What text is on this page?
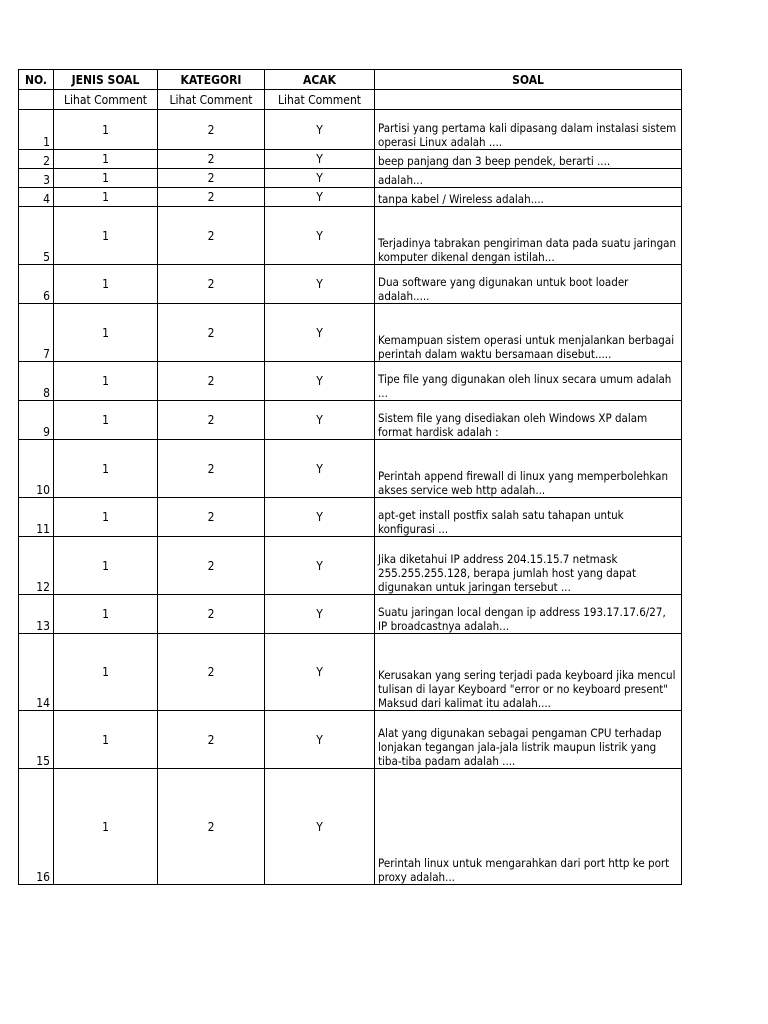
NO.	JENIS SOAL	KATEGORI	ACAK	SOAL
	Lihat Comment	Lihat Comment	Lihat Comment	
1	1	2	Y	Partisi yang pertama kali dipasang dalam instalasi sistem operasi Linux adalah ....
2	1	2	Y	beep panjang dan 3 beep pendek, berarti ....
3	1	2	Y	adalah...
4	1	2	Y	tanpa kabel / Wireless adalah....
5	1	2	Y	Terjadinya tabrakan pengiriman data pada suatu jaringan komputer dikenal dengan istilah...
6	1	2	Y	Dua software yang digunakan untuk boot loader adalah.....
7	1	2	Y	Kemampuan sistem operasi untuk menjalankan berbagai perintah dalam waktu bersamaan disebut.....
8	1	2	Y	Tipe file yang digunakan oleh linux secara umum adalah ...
9	1	2	Y	Sistem file yang disediakan oleh Windows XP dalam format hardisk adalah :
10	1	2	Y	Perintah append firewall di linux yang memperbolehkan akses service web http adalah...
11	1	2	Y	apt-get install postfix salah satu tahapan untuk konfigurasi ...
12	1	2	Y	Jika diketahui IP address 204.15.15.7 netmask 255.255.255.128, berapa jumlah host yang dapat digunakan untuk jaringan tersebut ...
13	1	2	Y	Suatu jaringan local dengan ip address 193.17.17.6/27, IP broadcastnya adalah...
14	1	2	Y	Kerusakan yang sering terjadi pada keyboard jika mencul tulisan di layar Keyboard "error or no keyboard present" Maksud dari kalimat itu adalah....
15	1	2	Y	Alat yang digunakan sebagai pengaman CPU terhadap lonjakan tegangan jala-jala listrik maupun listrik yang tiba-tiba padam adalah ....
16	1	2	Y	Perintah linux untuk mengarahkan dari port http ke port proxy adalah...
